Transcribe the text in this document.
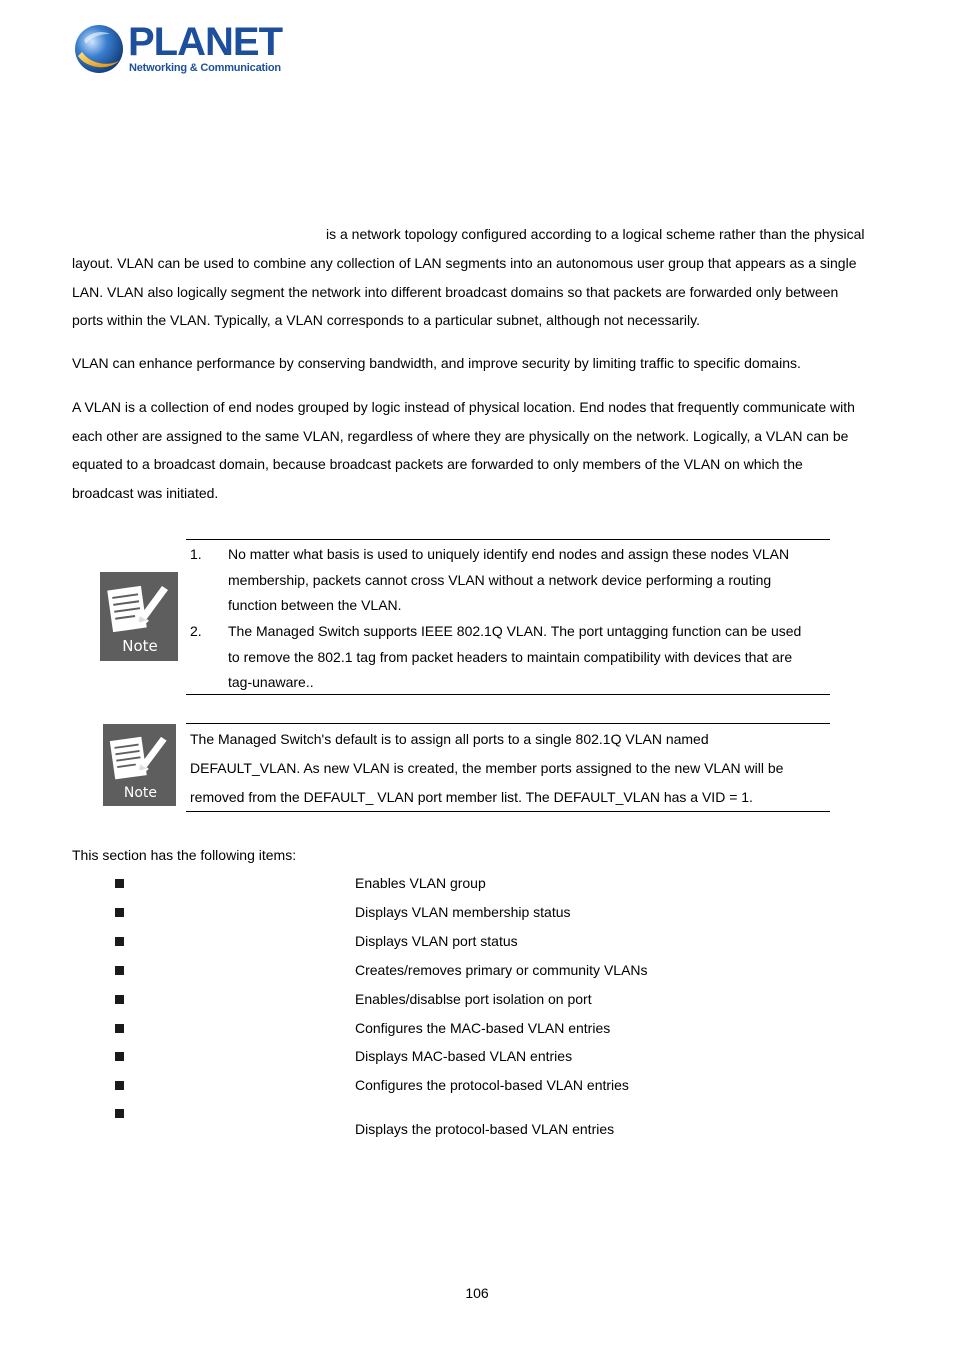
PLANET
Networking & Communication
is a network topology configured according to a logical scheme rather than the physical
layout. VLAN can be used to combine any collection of LAN segments into an autonomous user group that appears as a single
LAN. VLAN also logically segment the network into different broadcast domains so that packets are forwarded only between
ports within the VLAN. Typically, a VLAN corresponds to a particular subnet, although not necessarily.
VLAN can enhance performance by conserving bandwidth, and improve security by limiting traffic to specific domains.
A VLAN is a collection of end nodes grouped by logic instead of physical location. End nodes that frequently communicate with
each other are assigned to the same VLAN, regardless of where they are physically on the network. Logically, a VLAN can be
equated to a broadcast domain, because broadcast packets are forwarded to only members of the VLAN on which the
broadcast was initiated.
Note
1. No matter what basis is used to uniquely identify end nodes and assign these nodes VLAN
membership, packets cannot cross VLAN without a network device performing a routing
function between the VLAN.
2. The Managed Switch supports IEEE 802.1Q VLAN. The port untagging function can be used
to remove the 802.1 tag from packet headers to maintain compatibility with devices that are
tag-unaware..
Note
The Managed Switch's default is to assign all ports to a single 802.1Q VLAN named
DEFAULT_VLAN. As new VLAN is created, the member ports assigned to the new VLAN will be
removed from the DEFAULT_ VLAN port member list. The DEFAULT_VLAN has a VID = 1.
This section has the following items:
Enables VLAN group
Displays VLAN membership status
Displays VLAN port status
Creates/removes primary or community VLANs
Enables/disablse port isolation on port
Configures the MAC-based VLAN entries
Displays MAC-based VLAN entries
Configures the protocol-based VLAN entries
Displays the protocol-based VLAN entries
106
